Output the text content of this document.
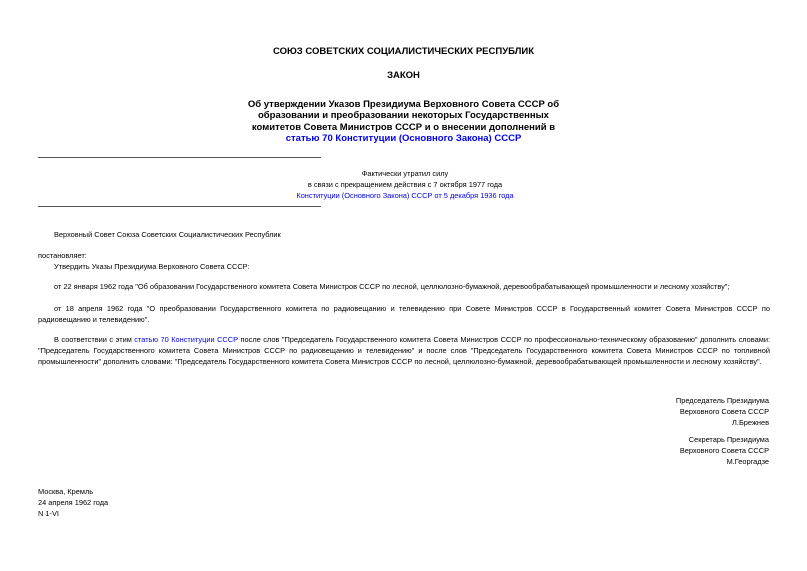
СОЮЗ СОВЕТСКИХ СОЦИАЛИСТИЧЕСКИХ РЕСПУБЛИК
ЗАКОН
Об утверждении Указов Президиума Верховного Совета СССР об
образовании и преобразовании некоторых Государственных
комитетов Совета Министров СССР и о внесении дополнений в
статью 70 Конституции (Основного Закона) СССР
Фактически утратил силу
в связи с прекращением действия с 7 октября 1977 года
Конституции (Основного Закона) СССР от 5 декабря 1936 года
Верховный Совет Союза Советских Социалистических Республик
постановляет:
Утвердить Указы Президиума Верховного Совета СССР:
от 22 января 1962 года "Об образовании Государственного комитета Совета Министров СССР по лесной, целлюлозно-бумажной, деревообрабатывающей промышленности и лесному хозяйству";
от 18 апреля 1962 года "О преобразовании Государственного комитета по радиовещанию и телевидению при Совете Министров СССР в Государственный комитет Совета Министров СССР по радиовещанию и телевидению".
В соответствии с этим статью 70 Конституции СССР после слов "Председатель Государственного комитета Совета Министров СССР по профессионально-техническому образованию" дополнить словами: "Председатель Государственного комитета Совета Министров СССР по радиовещанию и телевидению" и после слов "Председатель Государственного комитета Совета Министров СССР по топливной промышленности" дополнить словами: "Председатель Государственного комитета Совета Министров СССР по лесной, целлюлозно-бумажной, деревообрабатывающей промышленности и лесному хозяйству".
Председатель Президиума
Верховного Совета СССР
Л.Брежнев
Секретарь Президиума
Верховного Совета СССР
М.Георгадзе
Москва, Кремль
24 апреля 1962 года
N 1-VI
